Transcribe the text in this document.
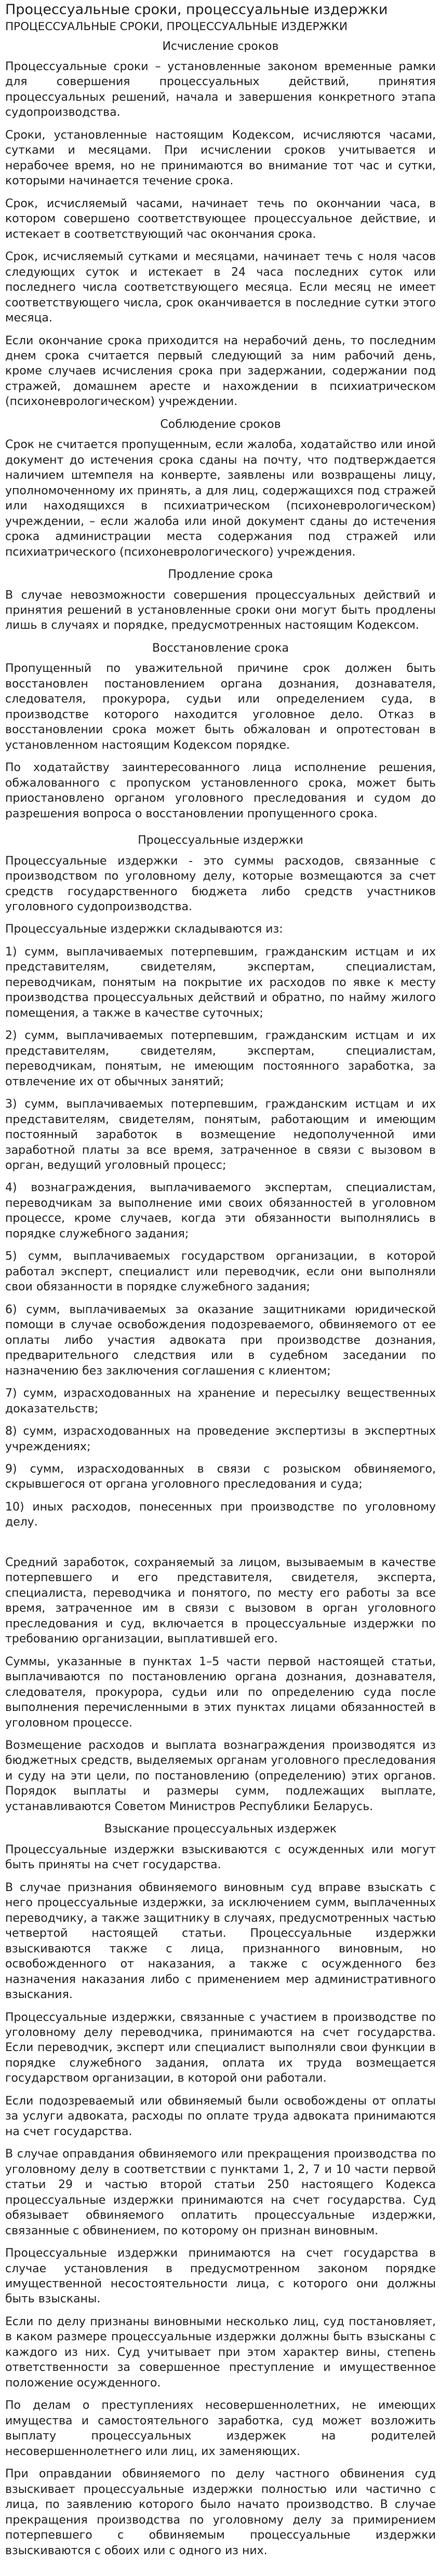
Процессуальные сроки, процессуальные издержки
ПРОЦЕССУАЛЬНЫЕ СРОКИ, ПРОЦЕССУАЛЬНЫЕ ИЗДЕРЖКИ
Исчисление сроков

Процессуальные сроки – установленные законом временные рамки для совершения процессуальных действий, принятия процессуальных решений, начала и завершения конкретного этапа судопроизводства.

Сроки, установленные настоящим Кодексом, исчисляются часами, сутками и месяцами. При исчислении сроков учитывается и нерабочее время, но не принимаются во внимание тот час и сутки, которыми начинается течение срока.

Срок, исчисляемый часами, начинает течь по окончании часа, в котором совершено соответствующее процессуальное действие, и истекает в соответствующий час окончания срока.

Срок, исчисляемый сутками и месяцами, начинает течь с ноля часов следующих суток и истекает в 24 часа последних суток или последнего числа соответствующего месяца. Если месяц не имеет соответствующего числа, срок оканчивается в последние сутки этого месяца.

Если окончание срока приходится на нерабочий день, то последним днем срока считается первый следующий за ним рабочий день, кроме случаев исчисления срока при задержании, содержании под стражей, домашнем аресте и нахождении в психиатрическом (психоневрологическом) учреждении.

Соблюдение сроков

Срок не считается пропущенным, если жалоба, ходатайство или иной документ до истечения срока сданы на почту, что подтверждается наличием штемпеля на конверте, заявлены или возвращены лицу, уполномоченному их принять, а для лиц, содержащихся под стражей или находящихся в психиатрическом (психоневрологическом) учреждении, – если жалоба или иной документ сданы до истечения срока администрации места содержания под стражей или психиатрического (психоневрологического) учреждения.

Продление срока

В случае невозможности совершения процессуальных действий и принятия решений в установленные сроки они могут быть продлены лишь в случаях и порядке, предусмотренных настоящим Кодексом.

Восстановление срока

Пропущенный по уважительной причине срок должен быть восстановлен постановлением органа дознания, дознавателя, следователя, прокурора, судьи или определением суда, в производстве которого находится уголовное дело. Отказ в восстановлении срока может быть обжалован и опротестован в установленном настоящим Кодексом порядке.

По ходатайству заинтересованного лица исполнение решения, обжалованного с пропуском установленного срока, может быть приостановлено органом уголовного преследования и судом до разрешения вопроса о восстановлении пропущенного срока.

Процессуальные издержки

Процессуальные издержки - это суммы расходов, связанные с производством по уголовному делу, которые возмещаются за счет средств государственного бюджета либо средств участников уголовного судопроизводства.

Процессуальные издержки складываются из:

1) сумм, выплачиваемых потерпевшим, гражданским истцам и их представителям, свидетелям, экспертам, специалистам, переводчикам, понятым на покрытие их расходов по явке к месту производства процессуальных действий и обратно, по найму жилого помещения, а также в качестве суточных;

2) сумм, выплачиваемых потерпевшим, гражданским истцам и их представителям, свидетелям, экспертам, специалистам, переводчикам, понятым, не имеющим постоянного заработка, за отвлечение их от обычных занятий;

3) сумм, выплачиваемых потерпевшим, гражданским истцам и их представителям, свидетелям, понятым, работающим и имеющим постоянный заработок в возмещение недополученной ими заработной платы за все время, затраченное в связи с вызовом в орган, ведущий уголовный процесс;

4) вознаграждения, выплачиваемого экспертам, специалистам, переводчикам за выполнение ими своих обязанностей в уголовном процессе, кроме случаев, когда эти обязанности выполнялись в порядке служебного задания;

5) сумм, выплачиваемых государством организации, в которой работал эксперт, специалист или переводчик, если они выполняли свои обязанности в порядке служебного задания;

6) сумм, выплачиваемых за оказание защитниками юридической помощи в случае освобождения подозреваемого, обвиняемого от ее оплаты либо участия адвоката при производстве дознания, предварительного следствия или в судебном заседании по назначению без заключения соглашения с клиентом;

7) сумм, израсходованных на хранение и пересылку вещественных доказательств;

8) сумм, израсходованных на проведение экспертизы в экспертных учреждениях;

9) сумм, израсходованных в связи с розыском обвиняемого, скрывшегося от органа уголовного преследования и суда;

10) иных расходов, понесенных при производстве по уголовному делу.

Средний заработок, сохраняемый за лицом, вызываемым в качестве потерпевшего и его представителя, свидетеля, эксперта, специалиста, переводчика и понятого, по месту его работы за все время, затраченное им в связи с вызовом в орган уголовного преследования и суд, включается в процессуальные издержки по требованию организации, выплатившей его.

Суммы, указанные в пунктах 1–5 части первой настоящей статьи, выплачиваются по постановлению органа дознания, дознавателя, следователя, прокурора, судьи или по определению суда после выполнения перечисленными в этих пунктах лицами обязанностей в уголовном процессе.

Возмещение расходов и выплата вознаграждения производятся из бюджетных средств, выделяемых органам уголовного преследования и суду на эти цели, по постановлению (определению) этих органов. Порядок выплаты и размеры сумм, подлежащих выплате, устанавливаются Советом Министров Республики Беларусь.

Взыскание процессуальных издержек

Процессуальные издержки взыскиваются с осужденных или могут быть приняты на счет государства.

В случае признания обвиняемого виновным суд вправе взыскать с него процессуальные издержки, за исключением сумм, выплаченных переводчику, а также защитнику в случаях, предусмотренных частью четвертой настоящей статьи. Процессуальные издержки взыскиваются также с лица, признанного виновным, но освобожденного от наказания, а также с осужденного без назначения наказания либо с применением мер административного взыскания.

Процессуальные издержки, связанные с участием в производстве по уголовному делу переводчика, принимаются на счет государства. Если переводчик, эксперт или специалист выполняли свои функции в порядке служебного задания, оплата их труда возмещается государством организации, в которой они работали.

Если подозреваемый или обвиняемый были освобождены от оплаты за услуги адвоката, расходы по оплате труда адвоката принимаются на счет государства.

В случае оправдания обвиняемого или прекращения производства по уголовному делу в соответствии с пунктами 1, 2, 7 и 10 части первой статьи 29 и частью второй статьи 250 настоящего Кодекса процессуальные издержки принимаются на счет государства. Суд обязывает обвиняемого оплатить процессуальные издержки, связанные с обвинением, по которому он признан виновным.

Процессуальные издержки принимаются на счет государства в случае установления в предусмотренном законом порядке имущественной несостоятельности лица, с которого они должны быть взысканы.

Если по делу признаны виновными несколько лиц, суд постановляет, в каком размере процессуальные издержки должны быть взысканы с каждого из них. Суд учитывает при этом характер вины, степень ответственности за совершенное преступление и имущественное положение осужденного.

По делам о преступлениях несовершеннолетних, не имеющих имущества и самостоятельного заработка, суд может возложить выплату процессуальных издержек на родителей несовершеннолетнего или лиц, их заменяющих.

При оправдании обвиняемого по делу частного обвинения суд взыскивает процессуальные издержки полностью или частично с лица, по заявлению которого было начато производство. В случае прекращения производства по уголовному делу за примирением потерпевшего с обвиняемым процессуальные издержки взыскиваются с обоих или с одного из них.
